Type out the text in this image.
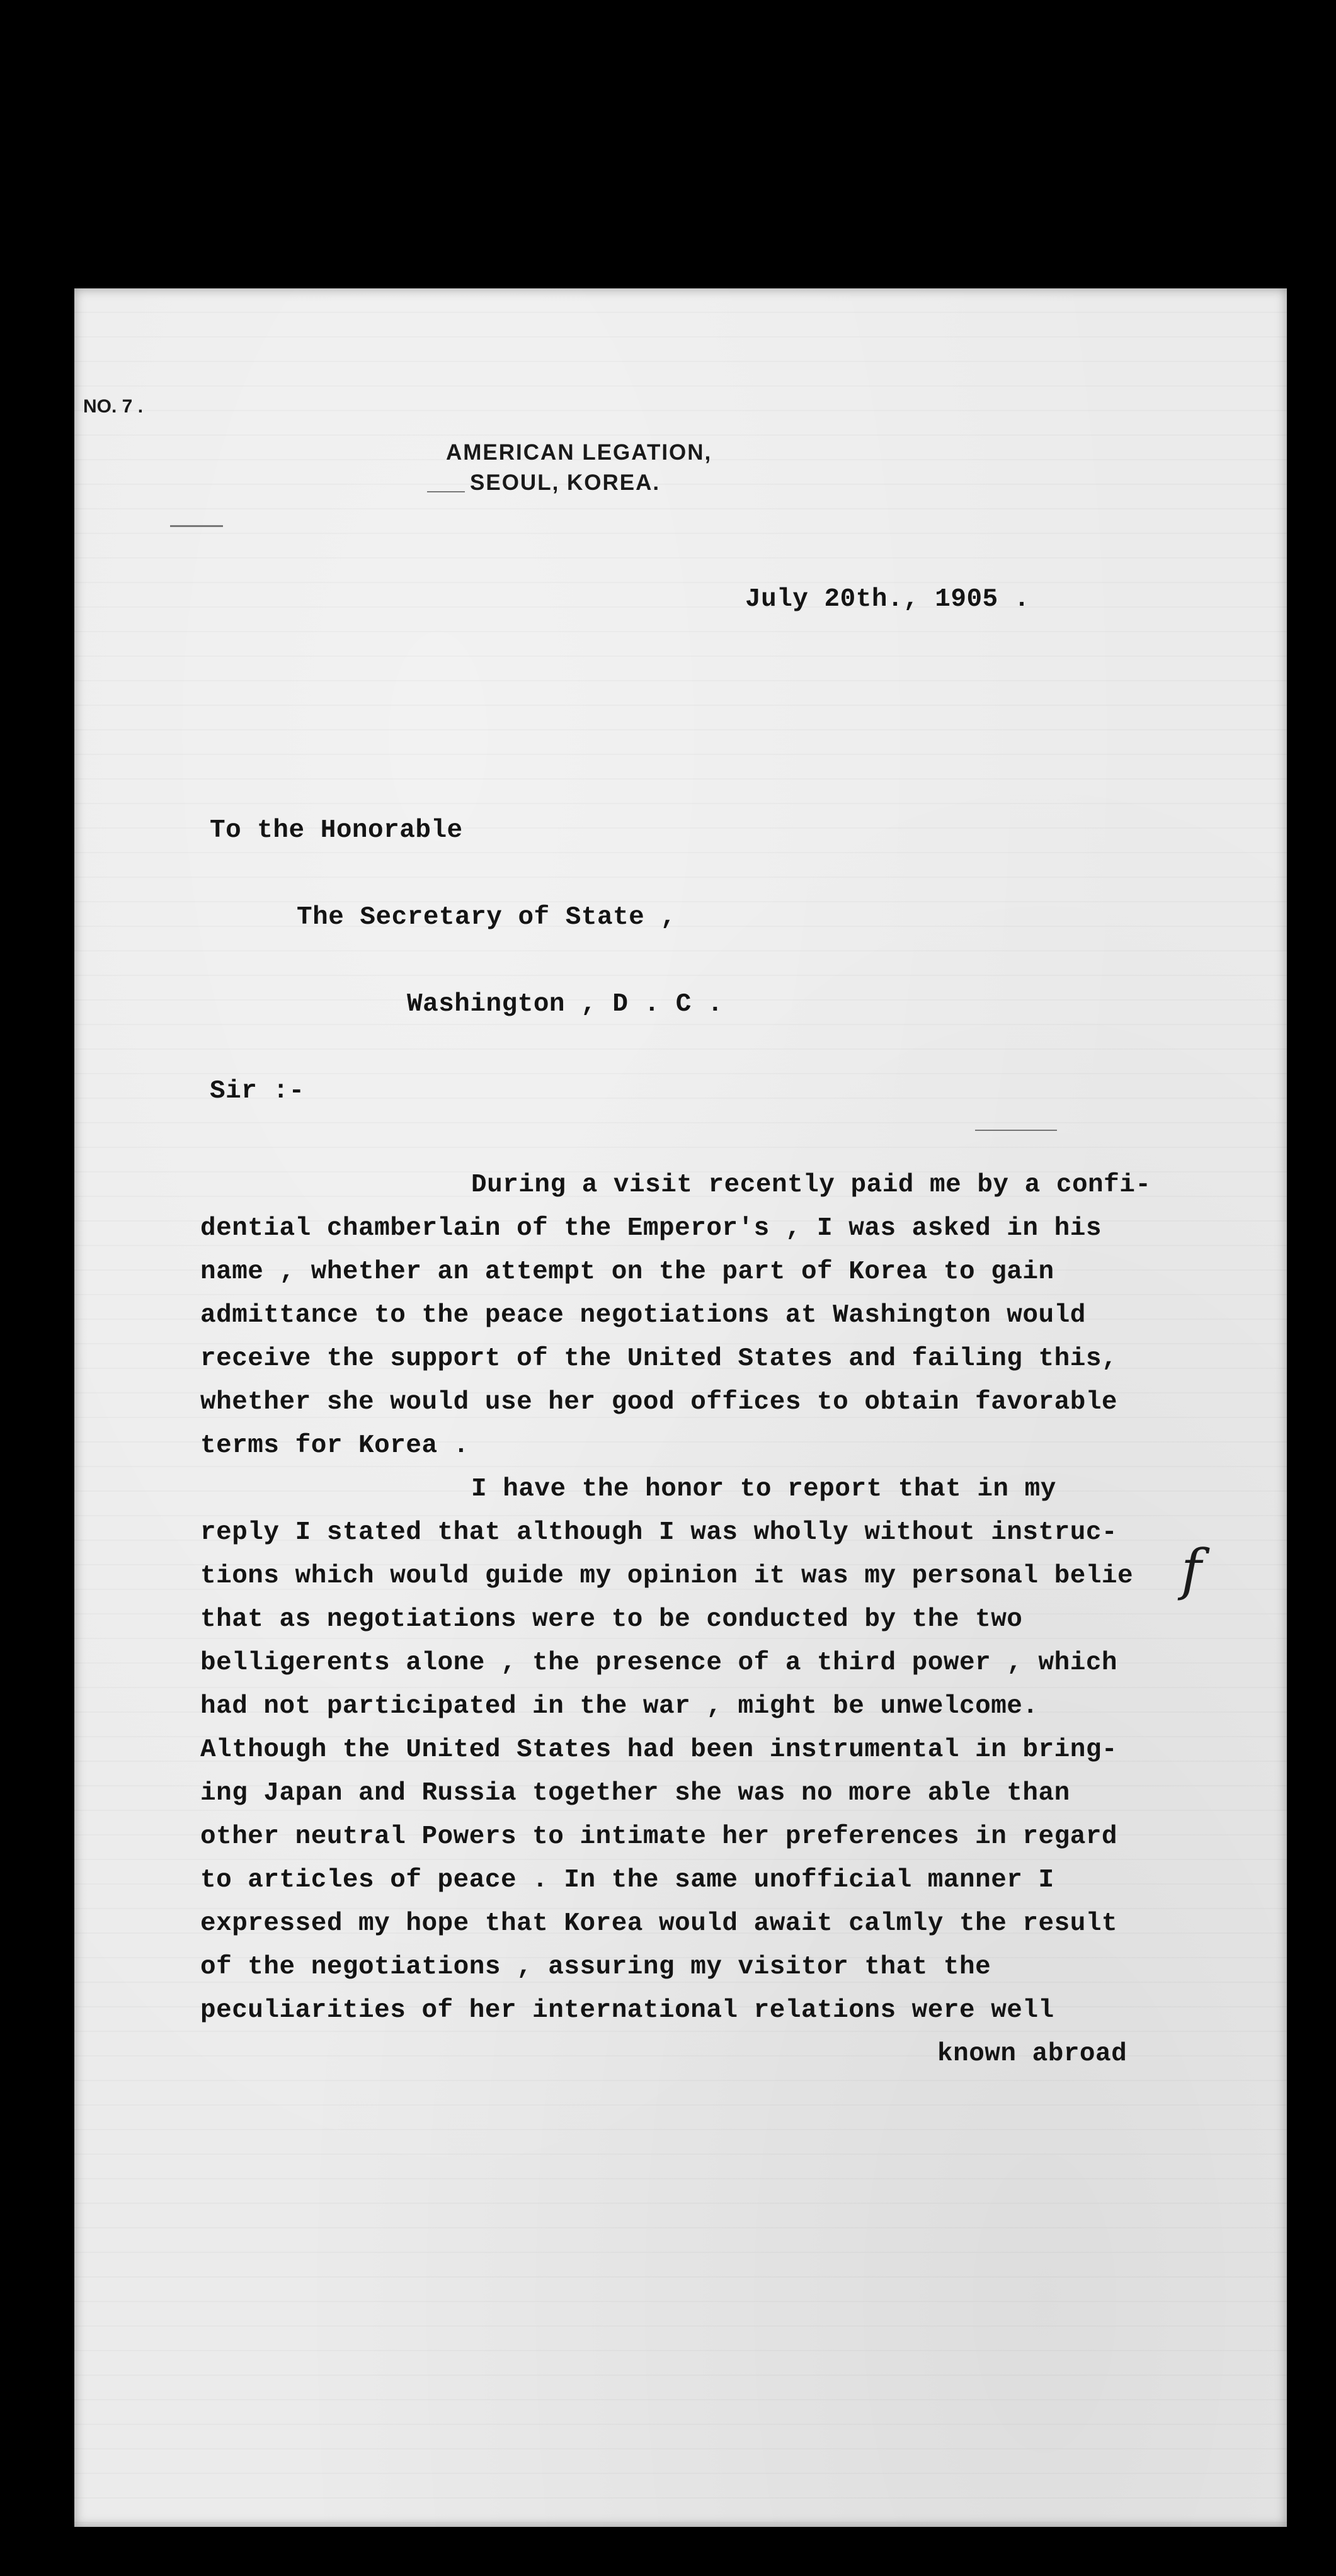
NO. 7 .

AMERICAN LEGATION,

SEOUL, KOREA.

July 20th., 1905 .

To the Honorable

The Secretary of State ,

Washington , D . C .

Sir :-

During a visit recently paid me by a confi-

dential chamberlain of the Emperor's , I was asked in his

name , whether an attempt on the part of Korea to gain

admittance to the peace negotiations at Washington would

receive the support of the United States and failing this,

whether she would use her good offices to obtain favorable

terms for Korea .

I have the honor to report that in my

reply I stated that although I was wholly without instruc-

tions which would guide my opinion it was my personal belie f

that as negotiations were to be conducted by the two

belligerents alone , the presence of a third power , which

had not participated in the war , might be unwelcome.

Although the United States had been instrumental in bring-

ing Japan and Russia together she was no more able than

other neutral Powers to intimate her preferences in regard

to articles of peace . In the same unofficial manner I

expressed my hope that Korea would await calmly the result

of the negotiations , assuring my visitor that the

peculiarities of her international relations were well

known abroad
